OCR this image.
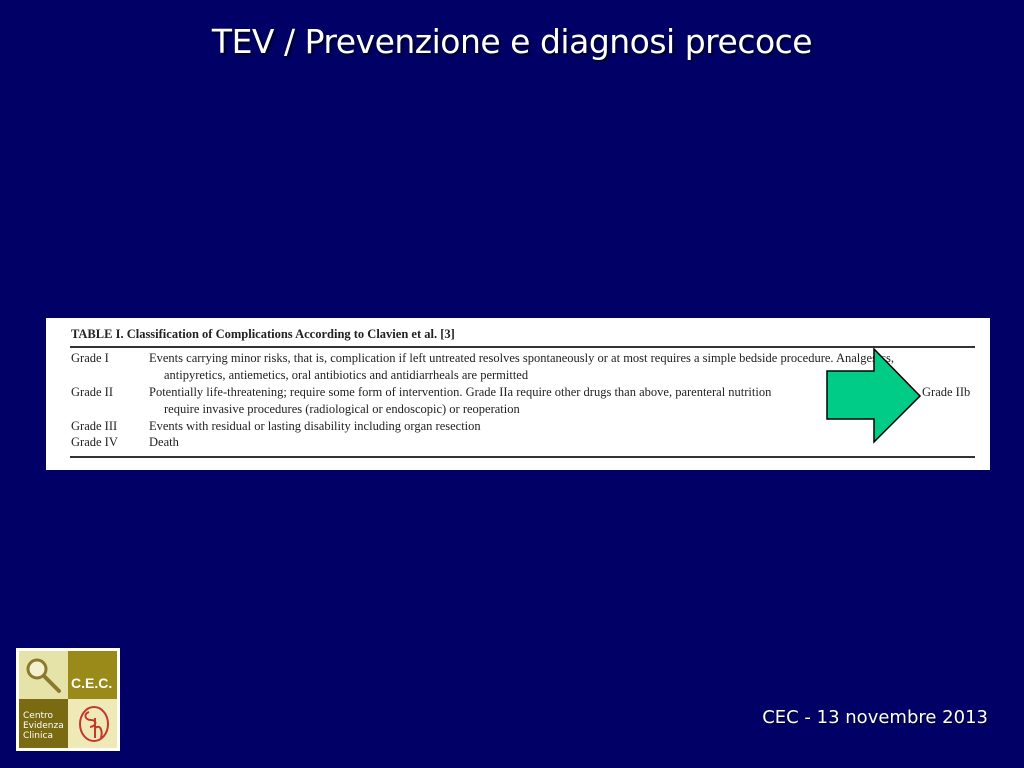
TEV / Prevenzione e diagnosi precoce
TABLE I. Classification of Complications According to Clavien et al. [3]
Grade I	Events carrying minor risks, that is, complication if left untreated resolves spontaneously or at most requires a simple bedside procedure. Analgesics,
antipyretics, antiemetics, oral antibiotics and antidiarrheals are permitted
Grade II	Potentially life-threatening; require some form of intervention. Grade IIa require other drugs than above, parenteral nutrition	Grade IIb
require invasive procedures (radiological or endoscopic) or reoperation
Grade III	Events with residual or lasting disability including organ resection
Grade IV Death
C.E.C.
Centro
Evidenza
Clinica
CEC - 13 novembre 2013
